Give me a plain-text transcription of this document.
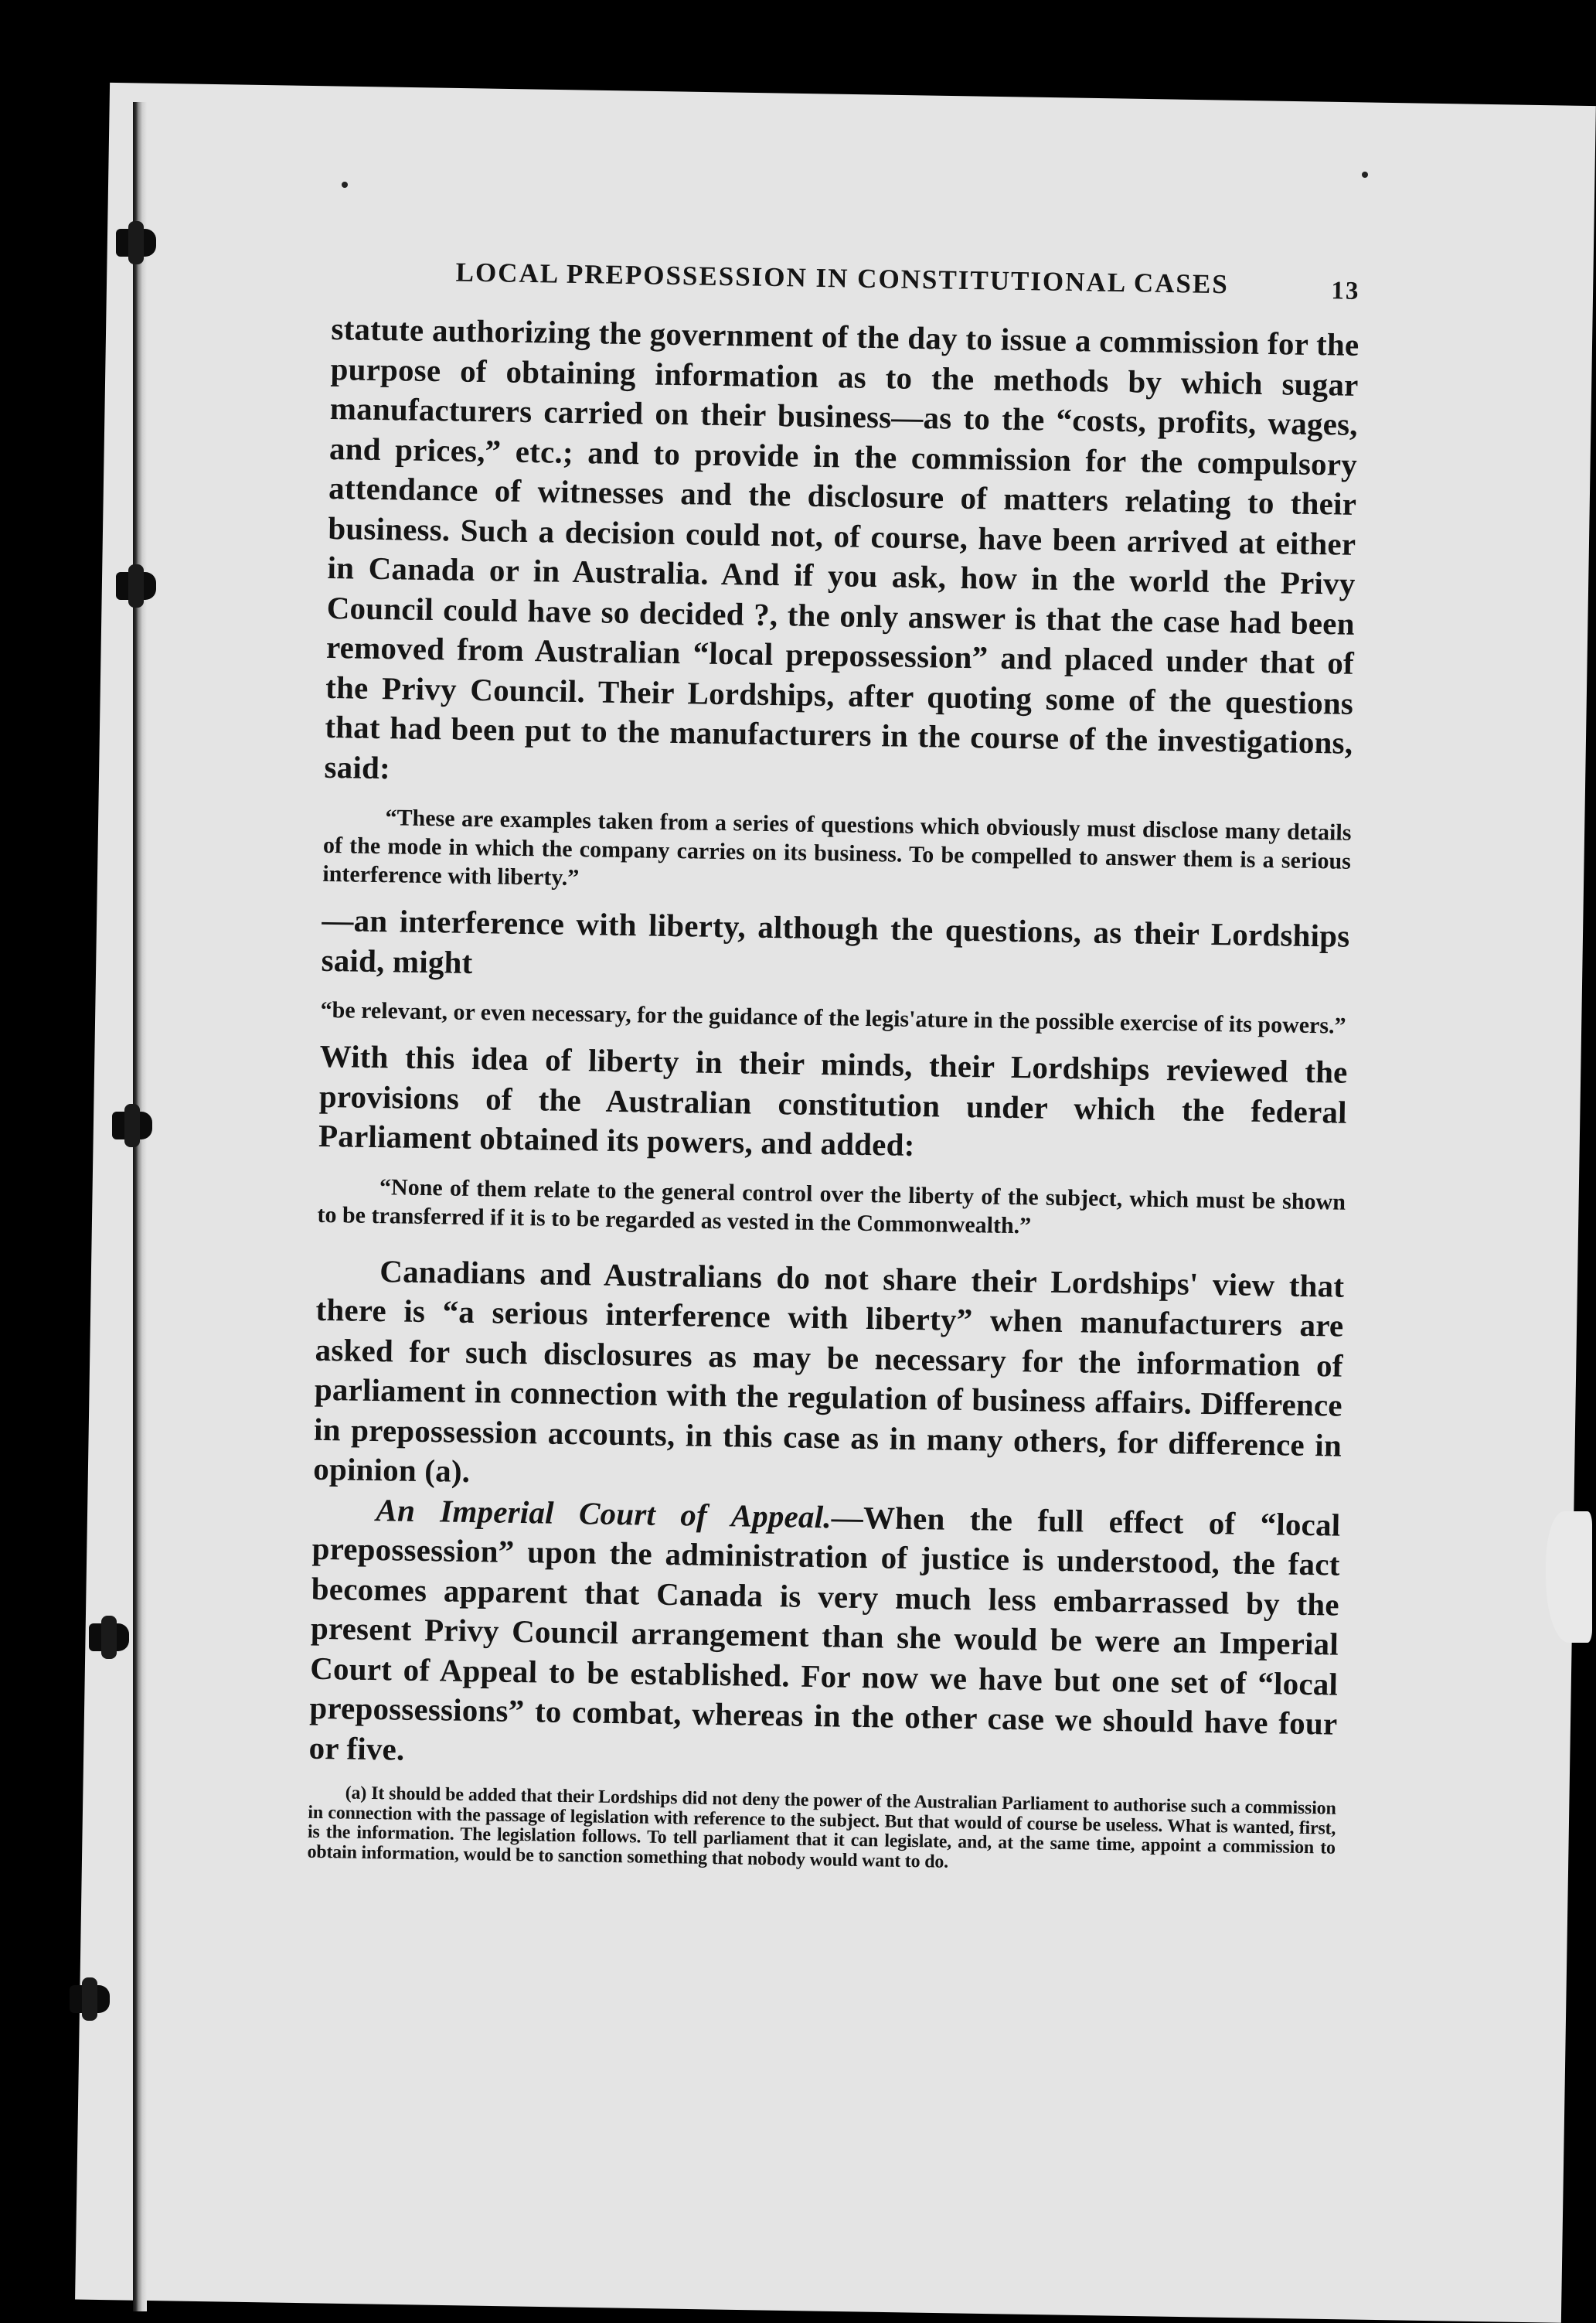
LOCAL PREPOSSESSION IN CONSTITUTIONAL CASES	13

statute authorizing the government of the day to issue a commission for the purpose of obtaining information as to the methods by which sugar manufacturers carried on their business—as to the “costs, profits, wages, and prices,” etc.; and to provide in the commission for the compulsory attendance of witnesses and the disclosure of matters relating to their business. Such a decision could not, of course, have been arrived at either in Canada or in Australia. And if you ask, how in the world the Privy Council could have so decided ?, the only answer is that the case had been removed from Australian “local prepossession” and placed under that of the Privy Council. Their Lordships, after quoting some of the questions that had been put to the manufacturers in the course of the investigations, said:

“These are examples taken from a series of questions which obviously must disclose many details of the mode in which the company carries on its business. To be compelled to answer them is a serious interference with liberty.”

—an interference with liberty, although the questions, as their Lordships said, might

“be relevant, or even necessary, for the guidance of the legis'ature in the possible exercise of its powers.”

With this idea of liberty in their minds, their Lordships reviewed the provisions of the Australian constitution under which the federal Parliament obtained its powers, and added:

“None of them relate to the general control over the liberty of the subject, which must be shown to be transferred if it is to be regarded as vested in the Commonwealth.”

Canadians and Australians do not share their Lordships' view that there is “a serious interference with liberty” when manufacturers are asked for such disclosures as may be necessary for the information of parliament in connection with the regulation of business affairs. Difference in prepossession accounts, in this case as in many others, for difference in opinion (a).

An Imperial Court of Appeal.—When the full effect of “local prepossession” upon the administration of justice is understood, the fact becomes apparent that Canada is very much less embarrassed by the present Privy Council arrangement than she would be were an Imperial Court of Appeal to be established. For now we have but one set of “local prepossessions” to combat, whereas in the other case we should have four or five.

(a) It should be added that their Lordships did not deny the power of the Australian Parliament to authorise such a commission in connection with the passage of legislation with reference to the subject. But that would of course be useless. What is wanted, first, is the information. The legislation follows. To tell parliament that it can legislate, and, at the same time, appoint a commission to obtain information, would be to sanction something that nobody would want to do.
